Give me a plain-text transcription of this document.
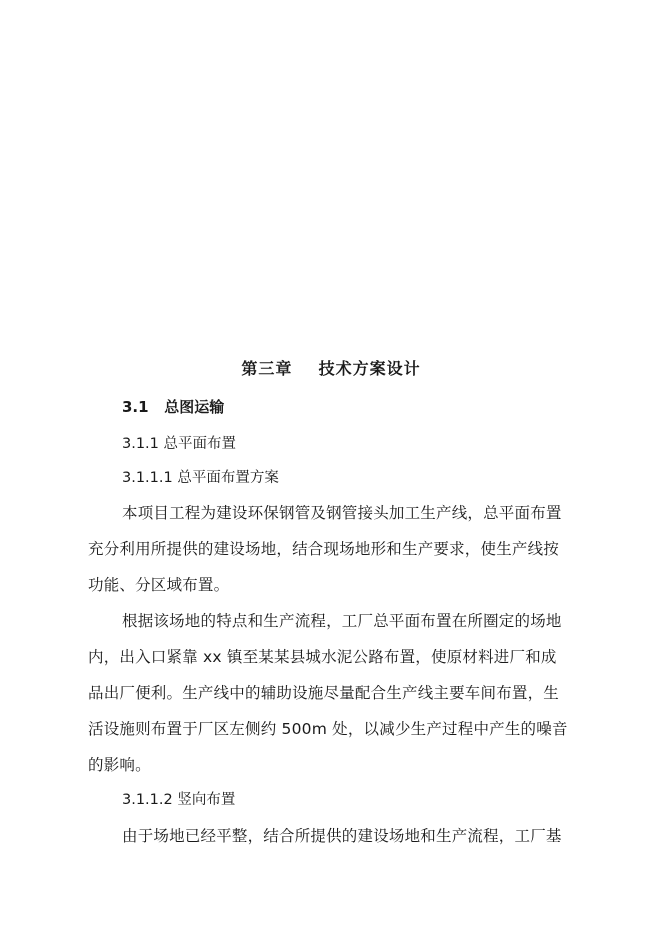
第三章    技术方案设计
3.1   总图运输
3.1.1 总平面布置
3.1.1.1 总平面布置方案
本项目工程为建设环保钢管及钢管接头加工生产线，总平面布置
充分利用所提供的建设场地，结合现场地形和生产要求，使生产线按
功能、分区域布置。
根据该场地的特点和生产流程，工厂总平面布置在所圈定的场地
内，出入口紧靠 xx 镇至某某县城水泥公路布置，使原材料进厂和成
品出厂便利。生产线中的辅助设施尽量配合生产线主要车间布置，生
活设施则布置于厂区左侧约 500m 处，以减少生产过程中产生的噪音
的影响。
3.1.1.2 竖向布置
由于场地已经平整，结合所提供的建设场地和生产流程，工厂基
